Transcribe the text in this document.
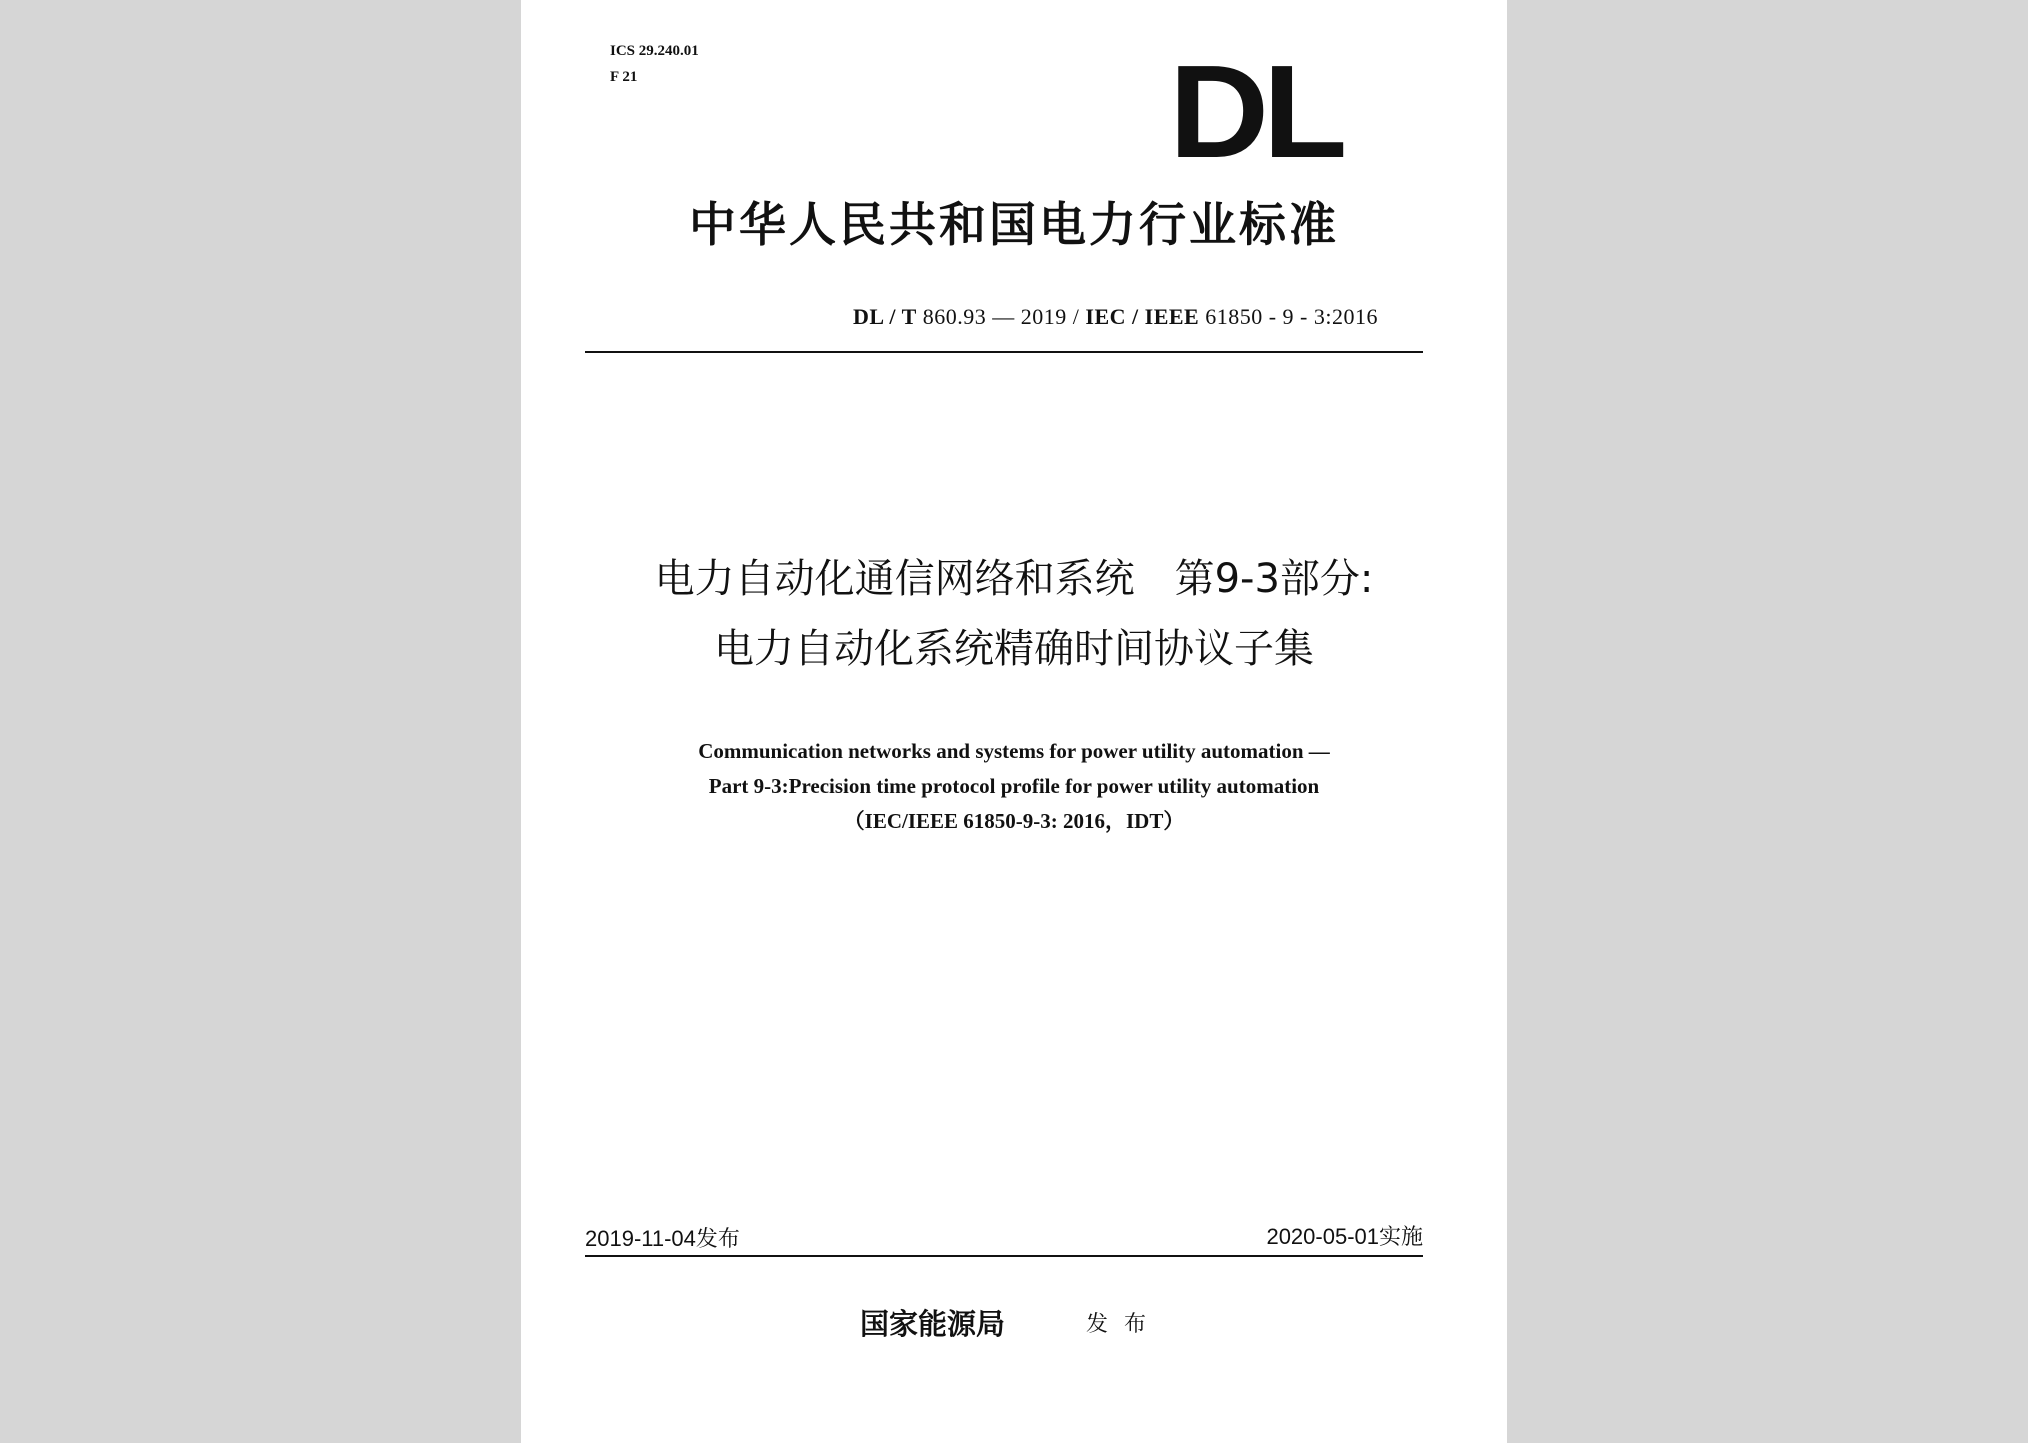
ICS 29.240.01
F 21	DL
中华人民共和国电力行业标准
DL / T 860.93 — 2019 / IEC / IEEE 61850 - 9 - 3:2016
电力自动化通信网络和系统　第9-3部分:
电力自动化系统精确时间协议子集
Communication networks and systems for power utility automation —
Part 9-3:Precision time protocol profile for power utility automation
（IEC/IEEE 61850-9-3: 2016，IDT）
2019-11-04发布	2020-05-01实施
国家能源局	发布
